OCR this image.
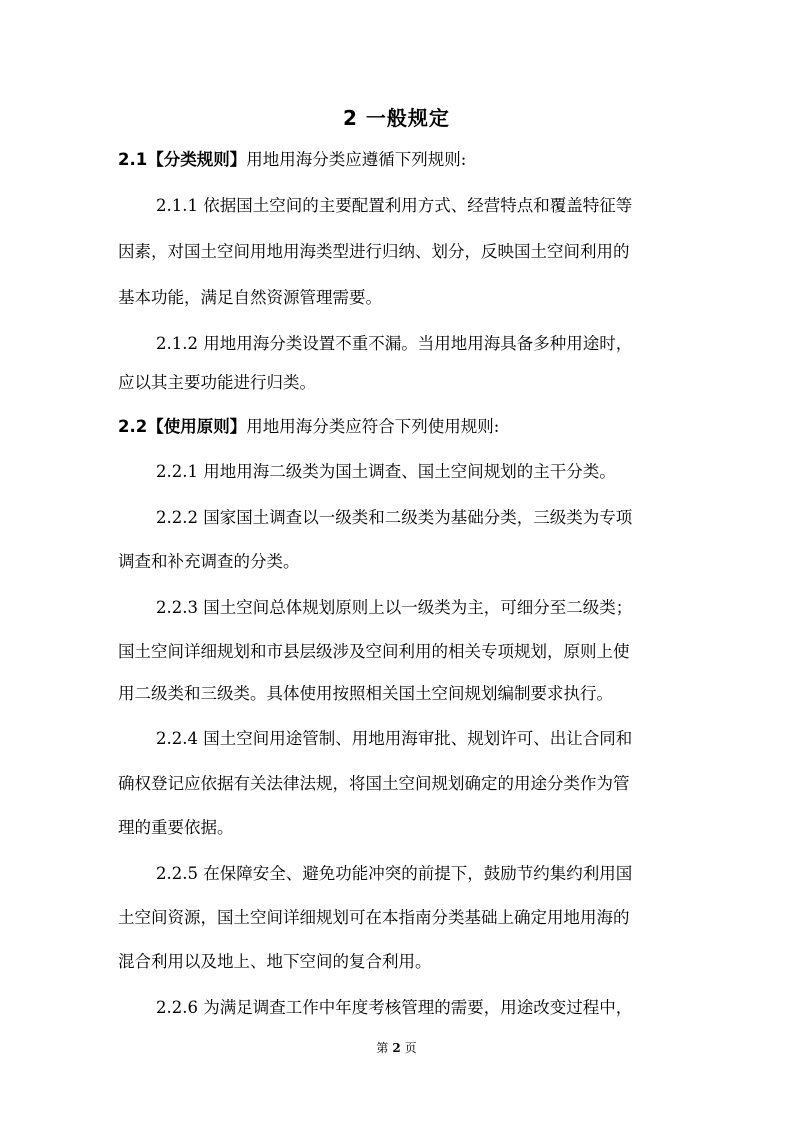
2 一般规定
2.1【分类规则】用地用海分类应遵循下列规则:
2.1.1 依据国土空间的主要配置利用方式、经营特点和覆盖特征等
因素，对国土空间用地用海类型进行归纳、划分，反映国土空间利用的
基本功能，满足自然资源管理需要。
2.1.2 用地用海分类设置不重不漏。当用地用海具备多种用途时，
应以其主要功能进行归类。
2.2【使用原则】用地用海分类应符合下列使用规则:
2.2.1 用地用海二级类为国土调查、国土空间规划的主干分类。
2.2.2 国家国土调查以一级类和二级类为基础分类，三级类为专项
调查和补充调查的分类。
2.2.3 国土空间总体规划原则上以一级类为主，可细分至二级类；
国土空间详细规划和市县层级涉及空间利用的相关专项规划，原则上使
用二级类和三级类。具体使用按照相关国土空间规划编制要求执行。
2.2.4 国土空间用途管制、用地用海审批、规划许可、出让合同和
确权登记应依据有关法律法规，将国土空间规划确定的用途分类作为管
理的重要依据。
2.2.5 在保障安全、避免功能冲突的前提下，鼓励节约集约利用国
土空间资源，国土空间详细规划可在本指南分类基础上确定用地用海的
混合利用以及地上、地下空间的复合利用。
2.2.6 为满足调查工作中年度考核管理的需要，用途改变过程中，
第 2 页
